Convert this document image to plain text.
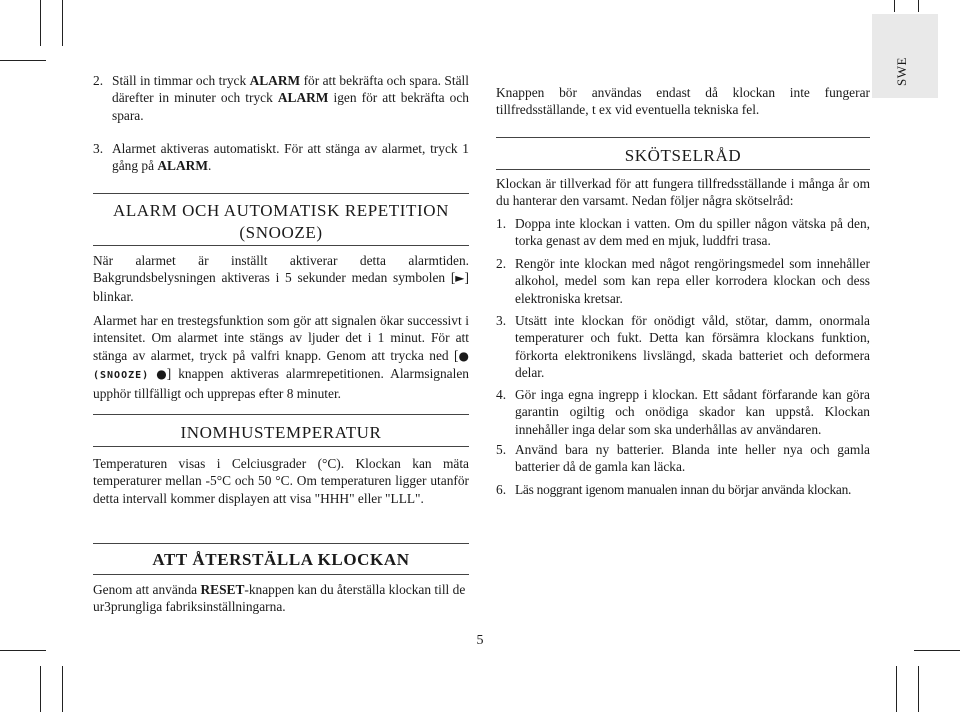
SWE
2. Ställ in timmar och tryck ALARM för att bekräfta och spara. Ställ därefter in minuter och tryck ALARM igen för att bekräfta och spara.

3. Alarmet aktiveras automatiskt. För att stänga av alarmet, tryck 1 gång på ALARM.

ALARM OCH AUTOMATISK REPETITION
(SNOOZE)

När alarmet är inställt aktiverar detta alarmtiden. Bakgrundsbelysningen aktiveras i 5 sekunder medan symbolen [►] blinkar.

Alarmet har en trestegsfunktion som gör att signalen ökar successivt i intensitet. Om alarmet inte stängs av ljuder det i 1 minut. För att stänga av alarmet, tryck på valfri knapp. Genom att trycka ned [● (SNOOZE) ●] knappen aktiveras alarmrepetitionen. Alarmsignalen upphör tillfälligt och upprepas efter 8 minuter.

INOMHUSTEMPERATUR

Temperaturen visas i Celciusgrader (°C). Klockan kan mäta temperaturer mellan -5°C och 50 °C. Om temperaturen ligger utanför detta intervall kommer displayen att visa "HHH" eller "LLL".

Knappen bör användas endast då klockan inte fungerar tillfredsställande, t ex vid eventuella tekniska fel.

SKÖTSELRÅD

Klockan är tillverkad för att fungera tillfredsställande i många år om du hanterar den varsamt. Nedan följer några skötselråd:

1. Doppa inte klockan i vatten. Om du spiller någon vätska på den, torka genast av dem med en mjuk, luddfri trasa.

2. Rengör inte klockan med något rengöringsmedel som innehåller alkohol, medel som kan repa eller korrodera klockan och dess elektroniska kretsar.

3. Utsätt inte klockan för onödigt våld, stötar, damm, onormala temperaturer och fukt. Detta kan försämra klockans funktion, förkorta elektronikens livslängd, skada batteriet och deformera delar.

4. Gör inga egna ingrepp i klockan. Ett sådant förfarande kan göra garantin ogiltig och onödiga skador kan uppstå. Klockan innehåller inga delar som ska underhållas av användaren.

5. Använd bara ny batterier. Blanda inte heller nya och gamla batterier då de gamla kan läcka.

6. Läs noggrant igenom manualen innan du börjar använda klockan.

ATT ÅTERSTÄLLA KLOCKAN

Genom att använda RESET-knappen kan du återställa klockan till de ur3prungliga fabriksinställningarna.

5
